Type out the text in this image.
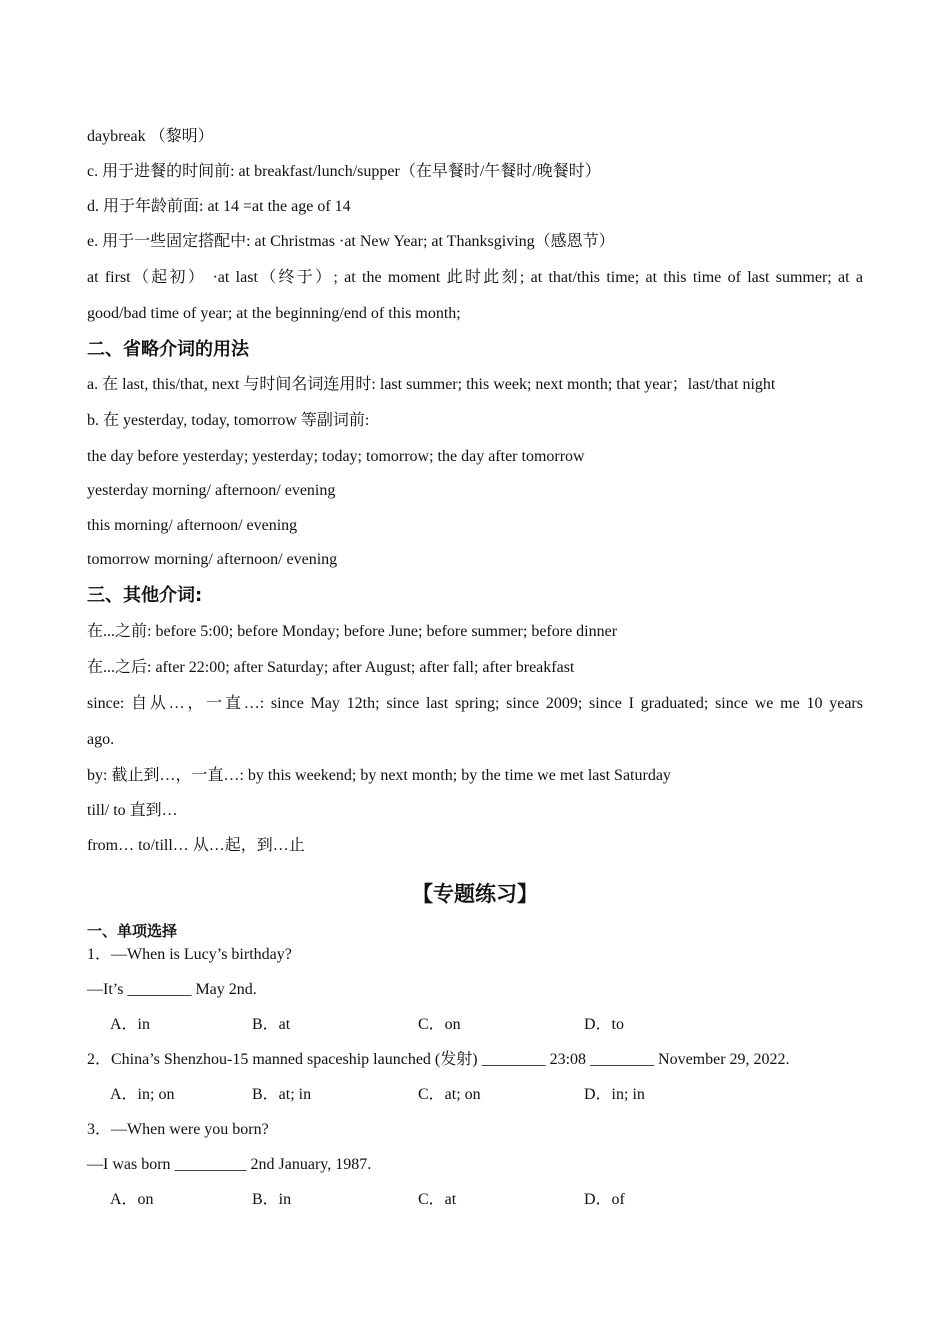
daybreak （黎明）
c. 用于进餐的时间前: at breakfast/lunch/supper（在早餐时/午餐时/晚餐时）
d. 用于年龄前面: at 14 =at the age of 14
e. 用于一些固定搭配中: at Christmas ·at New Year; at Thanksgiving（感恩节）
at first（起初） ·at last（终于）; at the moment 此时此刻; at that/this time; at this time of last summer; at a
good/bad time of year; at the beginning/end of this month;
二、省略介词的用法
a. 在 last, this/that, next 与时间名词连用时: last summer; this week; next month; that year；last/that night
b. 在 yesterday, today, tomorrow 等副词前:
the day before yesterday; yesterday; today; tomorrow; the day after tomorrow
yesterday morning/ afternoon/ evening
this morning/ afternoon/ evening
tomorrow morning/ afternoon/ evening
三、其他介词:
在...之前: before 5:00; before Monday; before June; before summer; before dinner
在...之后: after 22:00; after Saturday; after August; after fall; after breakfast
since: 自从…，一直…: since May 12th; since last spring; since 2009; since I graduated; since we me 10 years
ago.
by: 截止到…，一直…: by this weekend; by next month; by the time we met last Saturday
till/ to 直到…
from… to/till… 从…起，到…止
【专题练习】
一、单项选择
1．—When is Lucy’s birthday?
—It’s ________ May 2nd.
A．in	B．at	C．on	D．to
2．China’s Shenzhou-15 manned spaceship launched (发射) ________ 23:08 ________ November 29, 2022.
A．in; on	B．at; in	C．at; on	D．in; in
3．—When were you born?
—I was born _________ 2nd January, 1987.
A．on	B．in	C．at	D．of
